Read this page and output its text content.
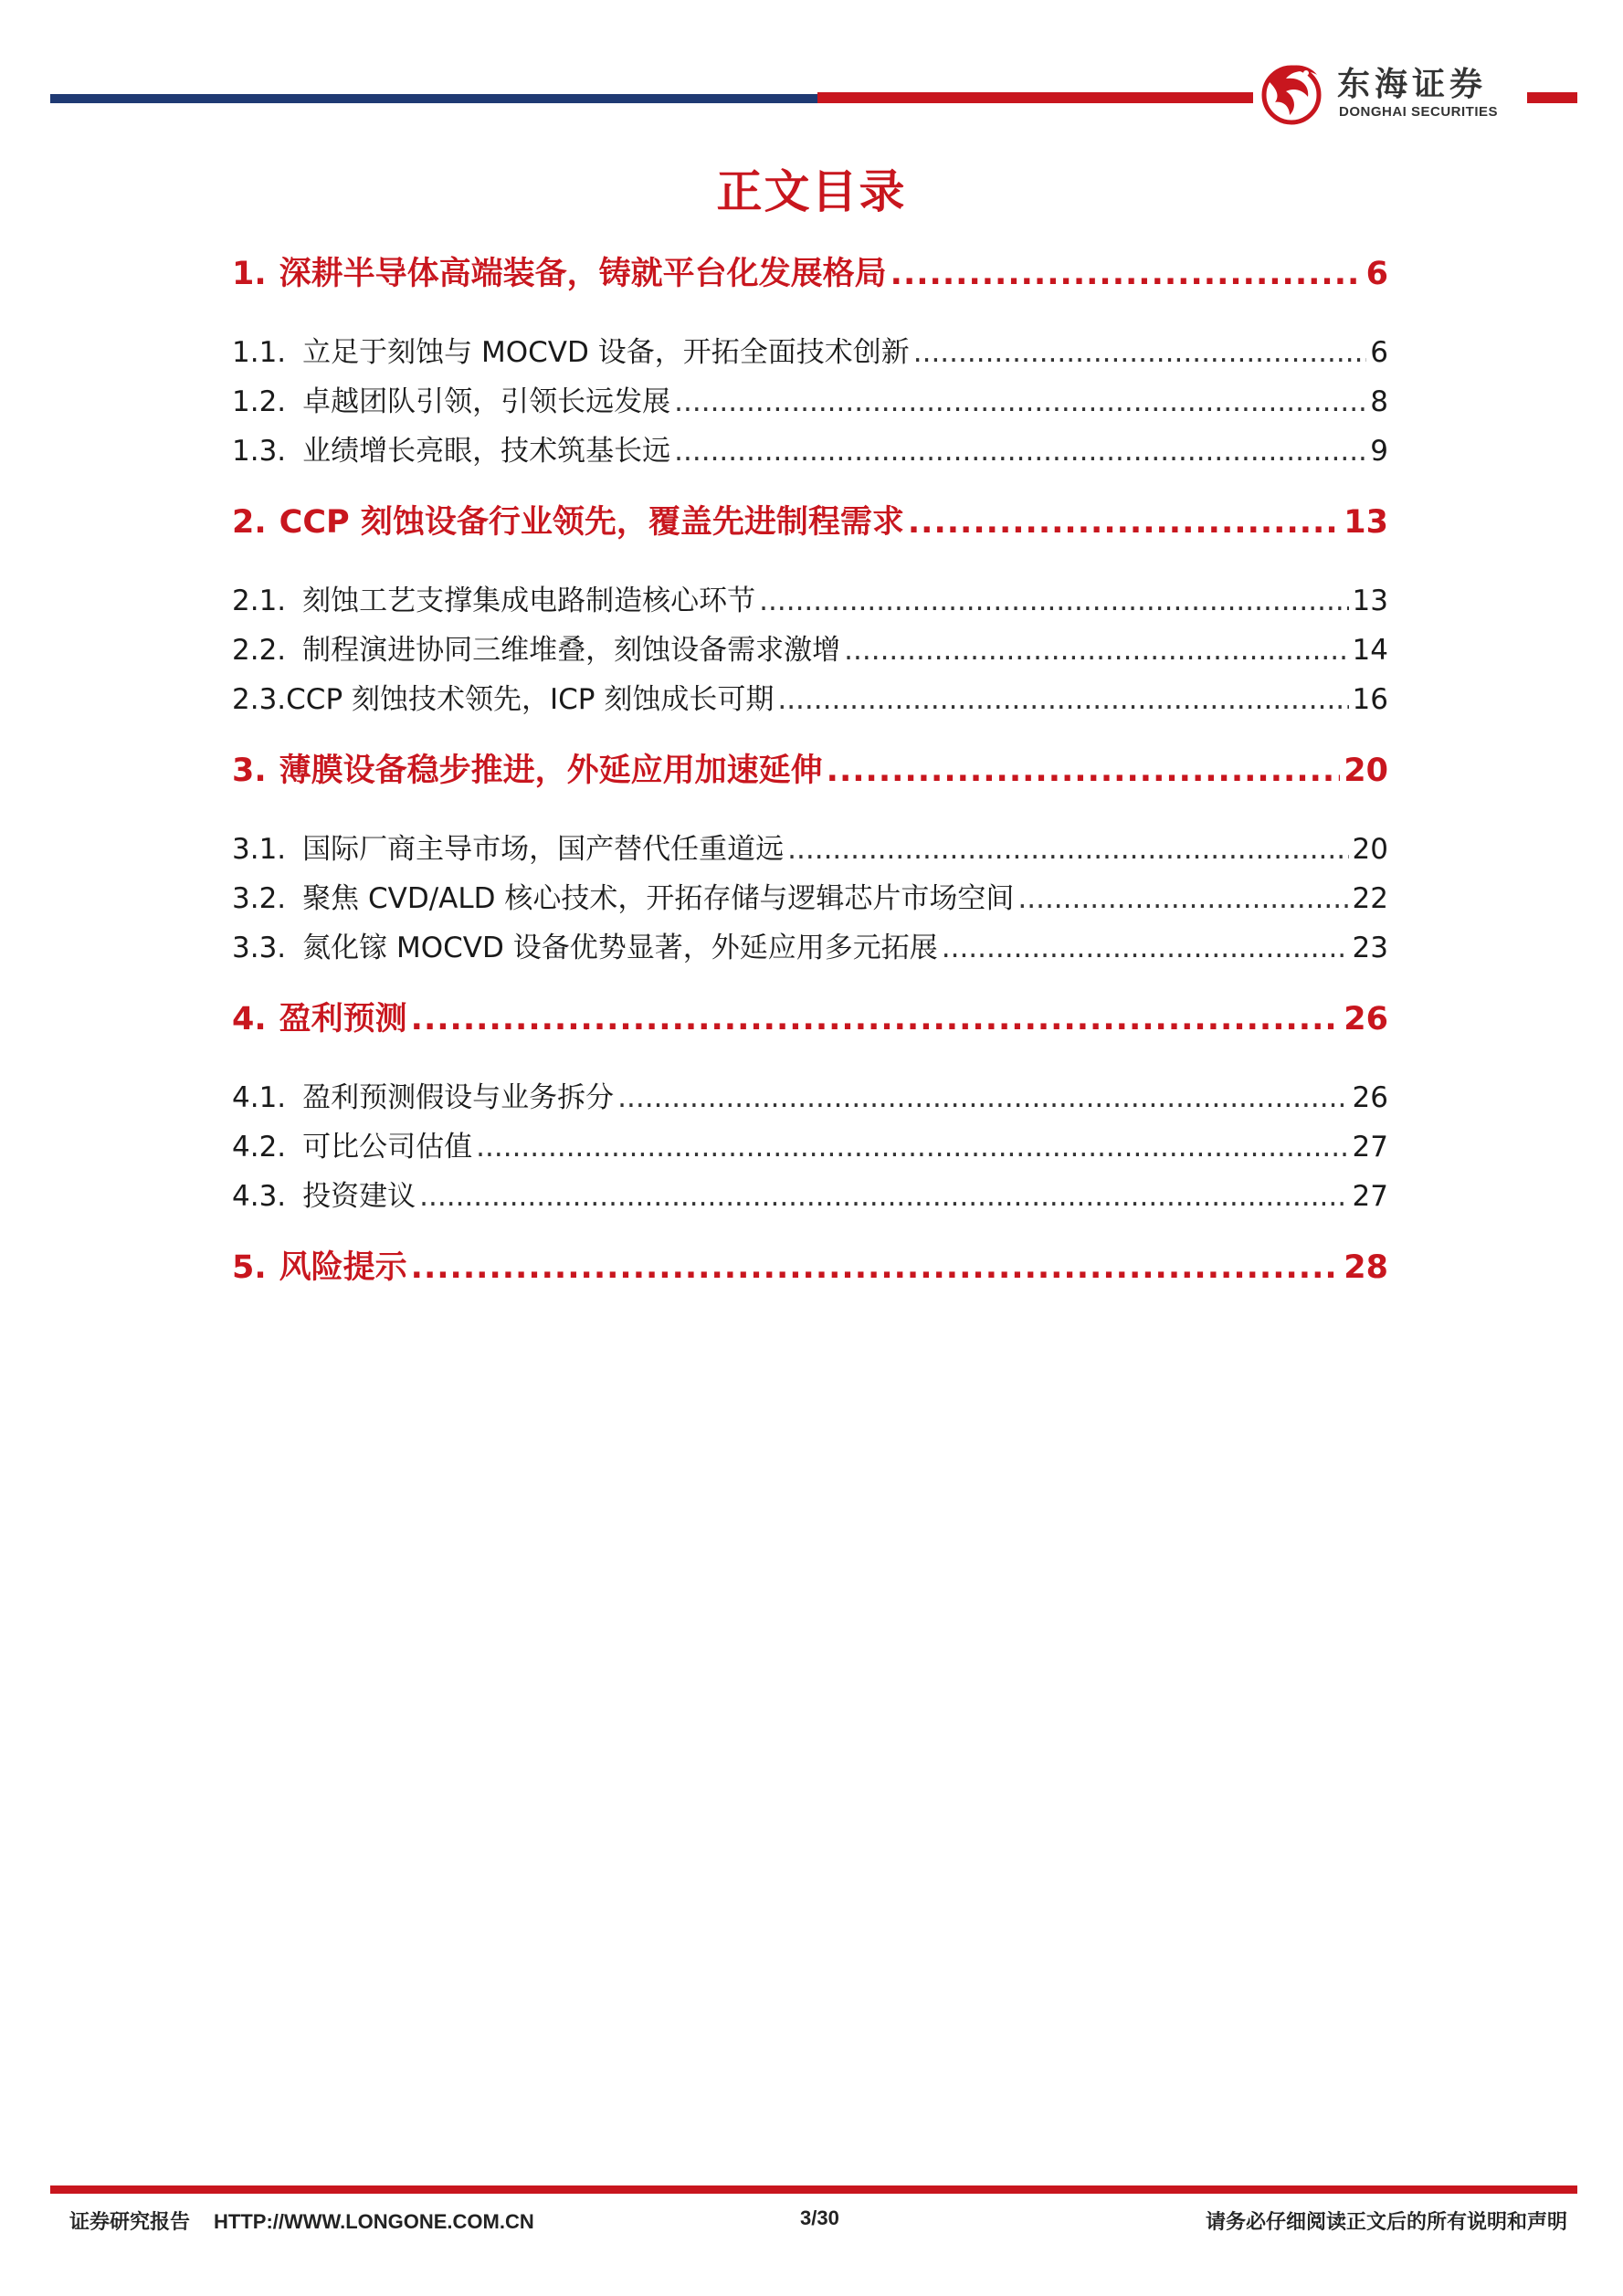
东海证券
DONGHAI SECURITIES
正文目录
1. 深耕半导体高端装备，铸就平台化发展格局 .....	6
1.1. 立足于刻蚀与 MOCVD 设备，开拓全面技术创新 .....	6
1.2. 卓越团队引领，引领长远发展 .....	8
1.3. 业绩增长亮眼，技术筑基长远 .....	9
2. CCP 刻蚀设备行业领先，覆盖先进制程需求 .....	13
2.1. 刻蚀工艺支撑集成电路制造核心环节 .....	13
2.2. 制程演进协同三维堆叠，刻蚀设备需求激增 .....	14
2.3. CCP 刻蚀技术领先，ICP 刻蚀成长可期 .....	16
3. 薄膜设备稳步推进，外延应用加速延伸 .....	20
3.1. 国际厂商主导市场，国产替代任重道远 .....	20
3.2. 聚焦 CVD/ALD 核心技术，开拓存储与逻辑芯片市场空间 .....	22
3.3. 氮化镓 MOCVD 设备优势显著，外延应用多元拓展 .....	23
4. 盈利预测 .....	26
4.1. 盈利预测假设与业务拆分 .....	26
4.2. 可比公司估值 .....	27
4.3. 投资建议 .....	27
5. 风险提示 .....	28
证券研究报告 HTTP://WWW.LONGONE.COM.CN	3/30	请务必仔细阅读正文后的所有说明和声明
